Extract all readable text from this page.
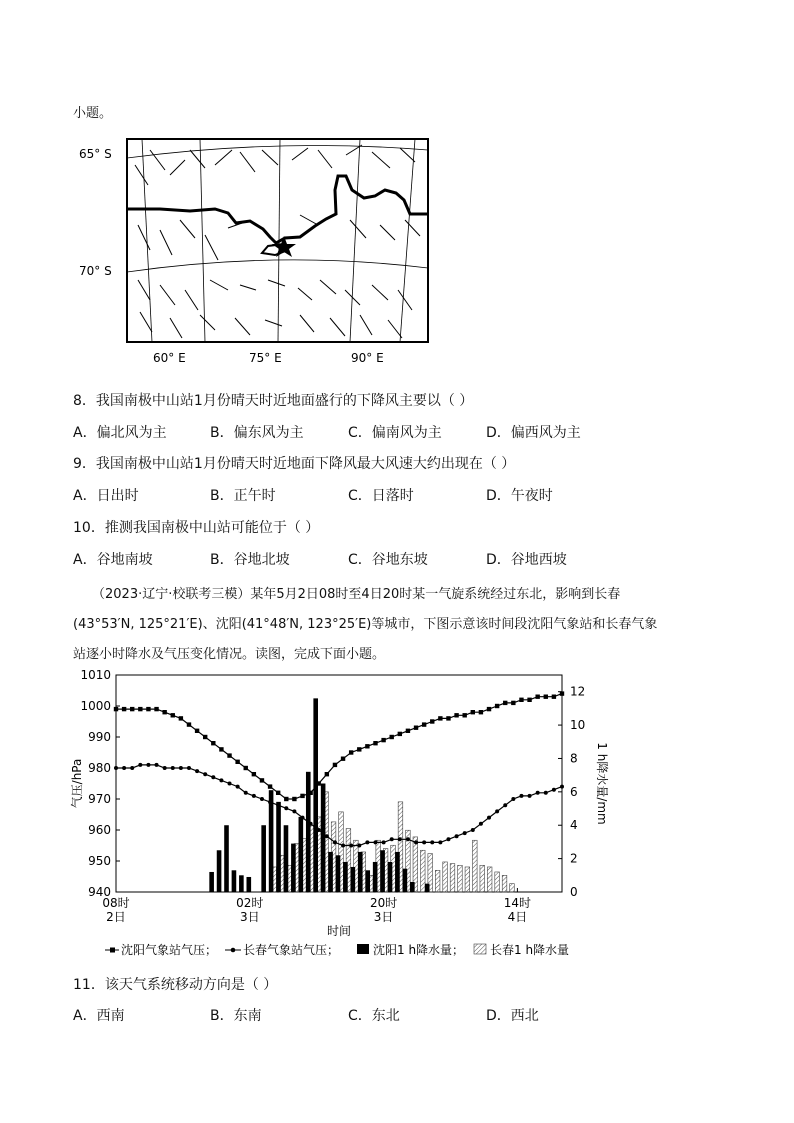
小题。
65° S
70° S
60° E	75° E	90° E
8．我国南极中山站1月份晴天时近地面盛行的下降风主要以（ ）
A．偏北风为主	B．偏东风为主	C．偏南风为主	D．偏西风为主
9．我国南极中山站1月份晴天时近地面下降风最大风速大约出现在（ ）
A．日出时	B．正午时	C．日落时	D．午夜时
10．推测我国南极中山站可能位于（ ）
A．谷地南坡	B．谷地北坡	C．谷地东坡	D．谷地西坡
（2023·辽宁·校联考三模）某年5月2日08时至4日20时某一气旋系统经过东北，影响到长春
(43°53′N, 125°21′E)、沈阳(41°48′N, 123°25′E)等城市，下图示意该时间段沈阳气象站和长春气象
站逐小时降水及气压变化情况。读图，完成下面小题。
1010
1000
990
980
970
960
950
940
12
10
8
6
4
2
0
08时
2日
02时
3日
20时
3日
14时
4日
时间
气压/hPa	1 h降水量/mm
沈阳气象站气压； 长春气象站气压；	沈阳1 h降水量； 长春1 h降水量
11．该天气系统移动方向是（ ）
A．西南	B．东南	C．东北	D．西北
